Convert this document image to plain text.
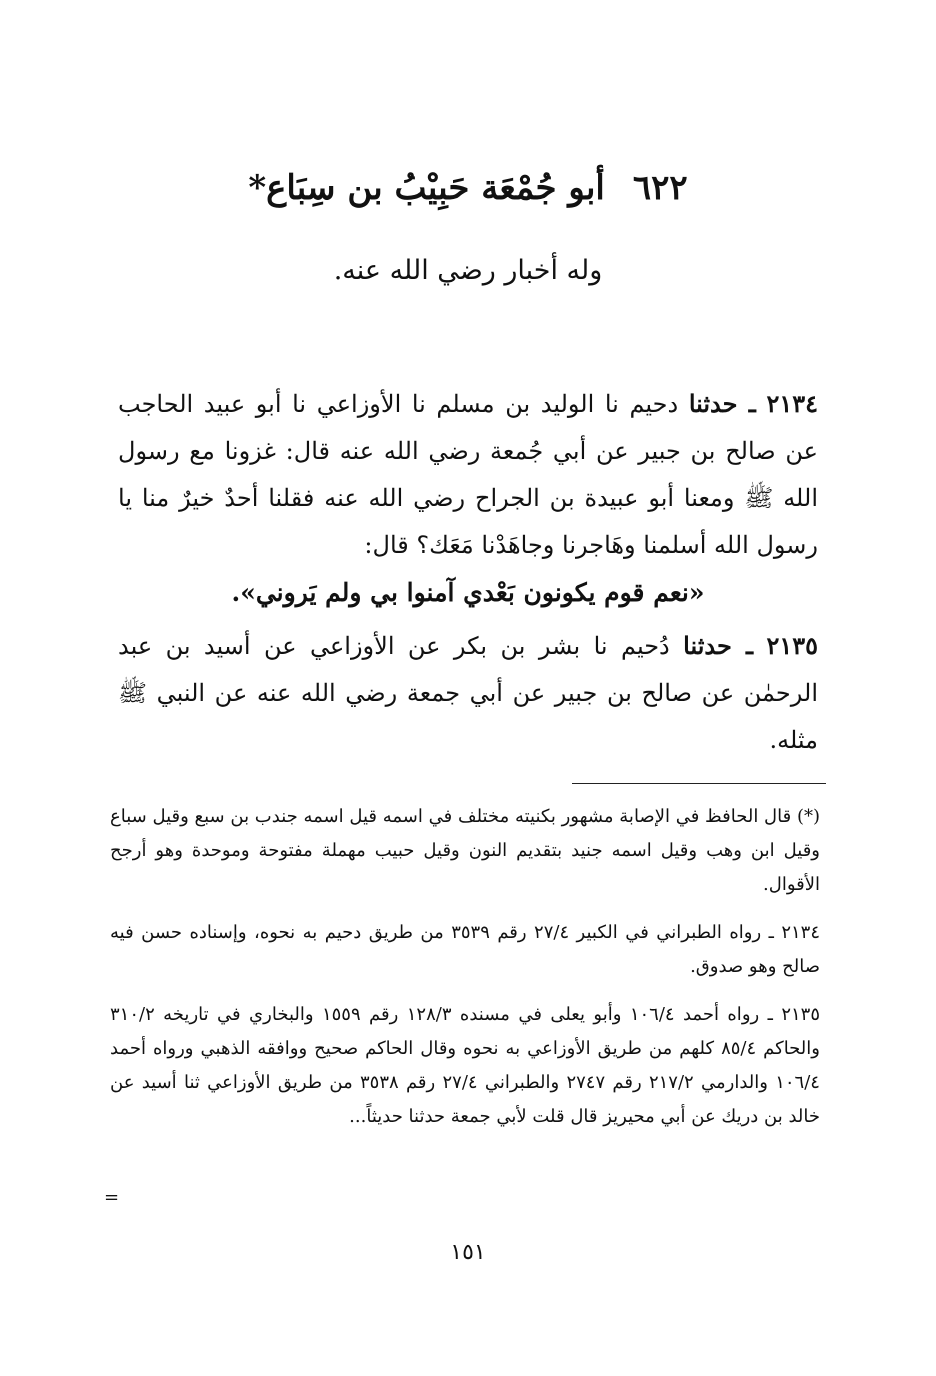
٦٢٢أبو جُمْعَة حَبِيْبُ بن سِبَاع*
وله أخبار رضي الله عنه.
٢١٣٤ ـ حدثنا دحيم نا الوليد بن مسلم نا الأوزاعي نا أبو عبيد الحاجب عن صالح بن جبير عن أبي جُمعة رضي الله عنه قال: غزونا مع رسول الله ﷺ ومعنا أبو عبيدة بن الجراح رضي الله عنه فقلنا أحدٌ خيرٌ منا يا رسول الله أسلمنا وهَاجرنا وجاهَدْنا مَعَك؟ قال:
«نعم قوم يكونون بَعْدي آمنوا بي ولم يَروني».
٢١٣٥ ـ حدثنا دُحيم نا بشر بن بكر عن الأوزاعي عن أسيد بن عبد الرحمٰن عن صالح بن جبير عن أبي جمعة رضي الله عنه عن النبي ﷺ مثله.
(*) قال الحافظ في الإصابة مشهور بكنيته مختلف في اسمه قيل اسمه جندب بن سبع وقيل سباع وقيل ابن وهب وقيل اسمه جنيد بتقديم النون وقيل حبيب مهملة مفتوحة وموحدة وهو أرجح الأقوال.
٢١٣٤ ـ رواه الطبراني في الكبير ٢٧/٤ رقم ٣٥٣٩ من طريق دحيم به نحوه، وإسناده حسن فيه صالح وهو صدوق.
٢١٣٥ ـ رواه أحمد ١٠٦/٤ وأبو يعلى في مسنده ١٢٨/٣ رقم ١٥٥٩ والبخاري في تاريخه ٣١٠/٢ والحاكم ٨٥/٤ كلهم من طريق الأوزاعي به نحوه وقال الحاكم صحيح ووافقه الذهبي ورواه أحمد ١٠٦/٤ والدارمي ٢١٧/٢ رقم ٢٧٤٧ والطبراني ٢٧/٤ رقم ٣٥٣٨ من طريق الأوزاعي ثنا أسيد عن خالد بن دريك عن أبي محيريز قال قلت لأبي جمعة حدثنا حديثاً...
=
١٥١
